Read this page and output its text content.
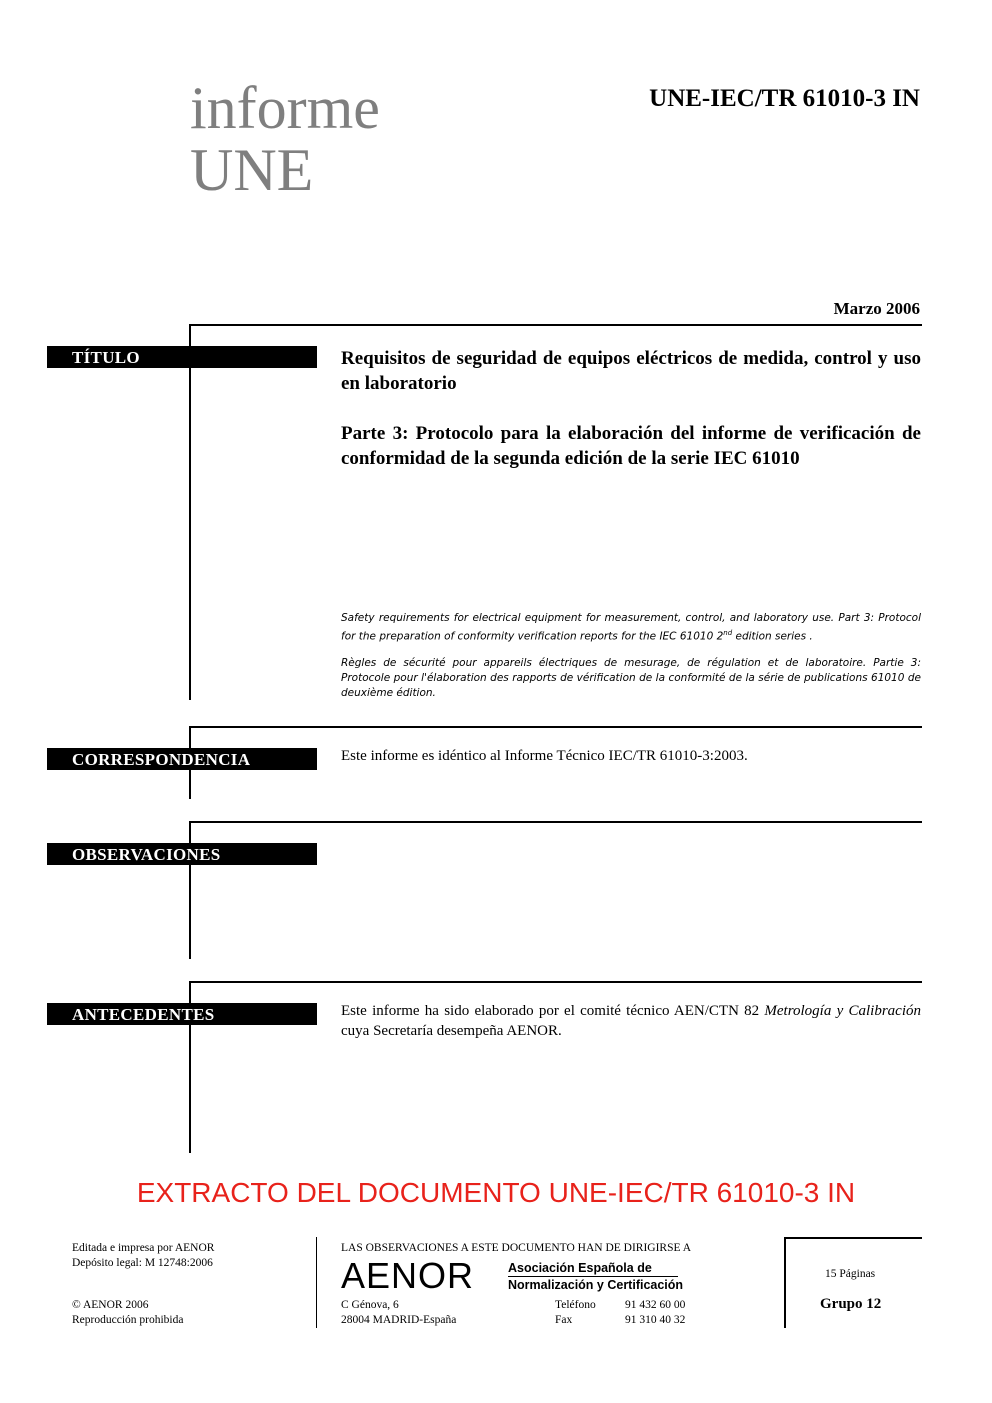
informe
UNE
UNE-IEC/TR 61010-3 IN
Marzo 2006
TÍTULO	Requisitos de seguridad de equipos eléctricos de medida, control y uso en laboratorio
Parte 3: Protocolo para la elaboración del informe de verificación de conformidad de la segunda edición de la serie IEC 61010
Safety requirements for electrical equipment for measurement, control, and laboratory use. Part 3: Protocol for the preparation of conformity verification reports for the IEC 61010 2nd edition series .
Règles de sécurité pour appareils électriques de mesurage, de régulation et de laboratoire. Partie 3: Protocole pour l'élaboration des rapports de vérification de la conformité de la série de publications 61010 de deuxième édition.
CORRESPONDENCIA	Este informe es idéntico al Informe Técnico IEC/TR 61010-3:2003.
OBSERVACIONES
ANTECEDENTES	Este informe ha sido elaborado por el comité técnico AEN/CTN 82 Metrología y Calibración cuya Secretaría desempeña AENOR.
EXTRACTO DEL DOCUMENTO UNE-IEC/TR 61010-3 IN
Editada e impresa por AENOR
Depósito legal: M 12748:2006
© AENOR 2006
Reproducción prohibida
LAS OBSERVACIONES A ESTE DOCUMENTO HAN DE DIRIGIRSE A
AENOR	Asociación Española de
Normalización y Certificación
C Génova, 6
28004 MADRID-España
Teléfono	91 432 60 00
Fax	91 310 40 32
15 Páginas
Grupo 12
